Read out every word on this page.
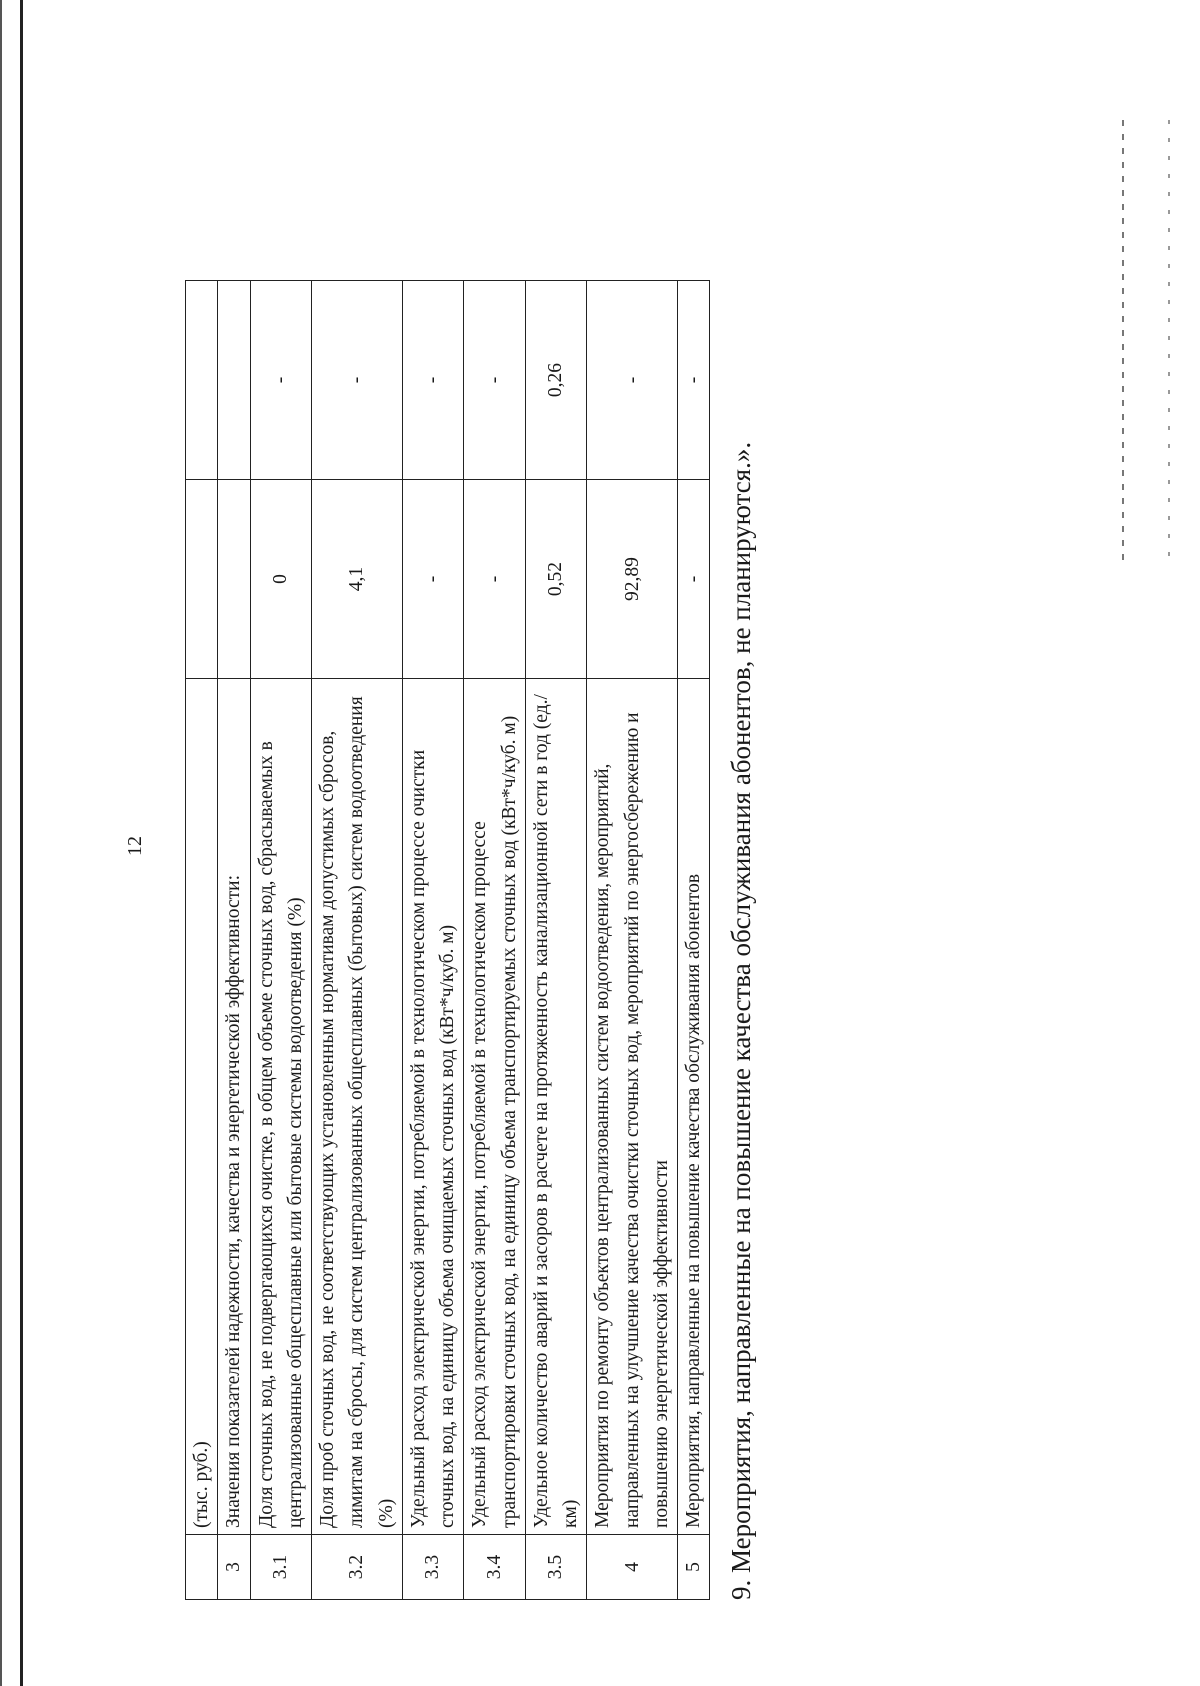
12
	(тыс. руб.)		
3	Значения показателей надежности, качества и энергетической эффективности:		
3.1	Доля сточных вод, не подвергающихся очистке, в общем объеме сточных вод, сбрасываемых в централизованные общесплавные или бытовые системы водоотведения (%)	0	-
3.2	Доля проб сточных вод, не соответствующих установленным нормативам допустимых сбросов, лимитам на сбросы, для систем централизованных общесплавных (бытовых) систем водоотведения (%)	4,1	-
3.3	Удельный расход электрической энергии, потребляемой в технологическом процессе очистки сточных вод, на единицу объема очищаемых сточных вод (кВт*ч/куб. м)	-	-
3.4	Удельный расход электрической энергии, потребляемой в технологическом процессе транспортировки сточных вод, на единицу объема транспортируемых сточных вод (кВт*ч/куб. м)	-	-
3.5	Удельное количество аварий и засоров в расчете на протяженность канализационной сети в год (ед./км)	0,52	0,26
4	Мероприятия по ремонту объектов централизованных систем водоотведения, мероприятий, направленных на улучшение качества очистки сточных вод, мероприятий по энергосбережению и повышению энергетической эффективности	92,89	-
5	Мероприятия, направленные на повышение качества обслуживания абонентов	-	-
9. Мероприятия, направленные на повышение качества обслуживания абонентов, не планируются.».
